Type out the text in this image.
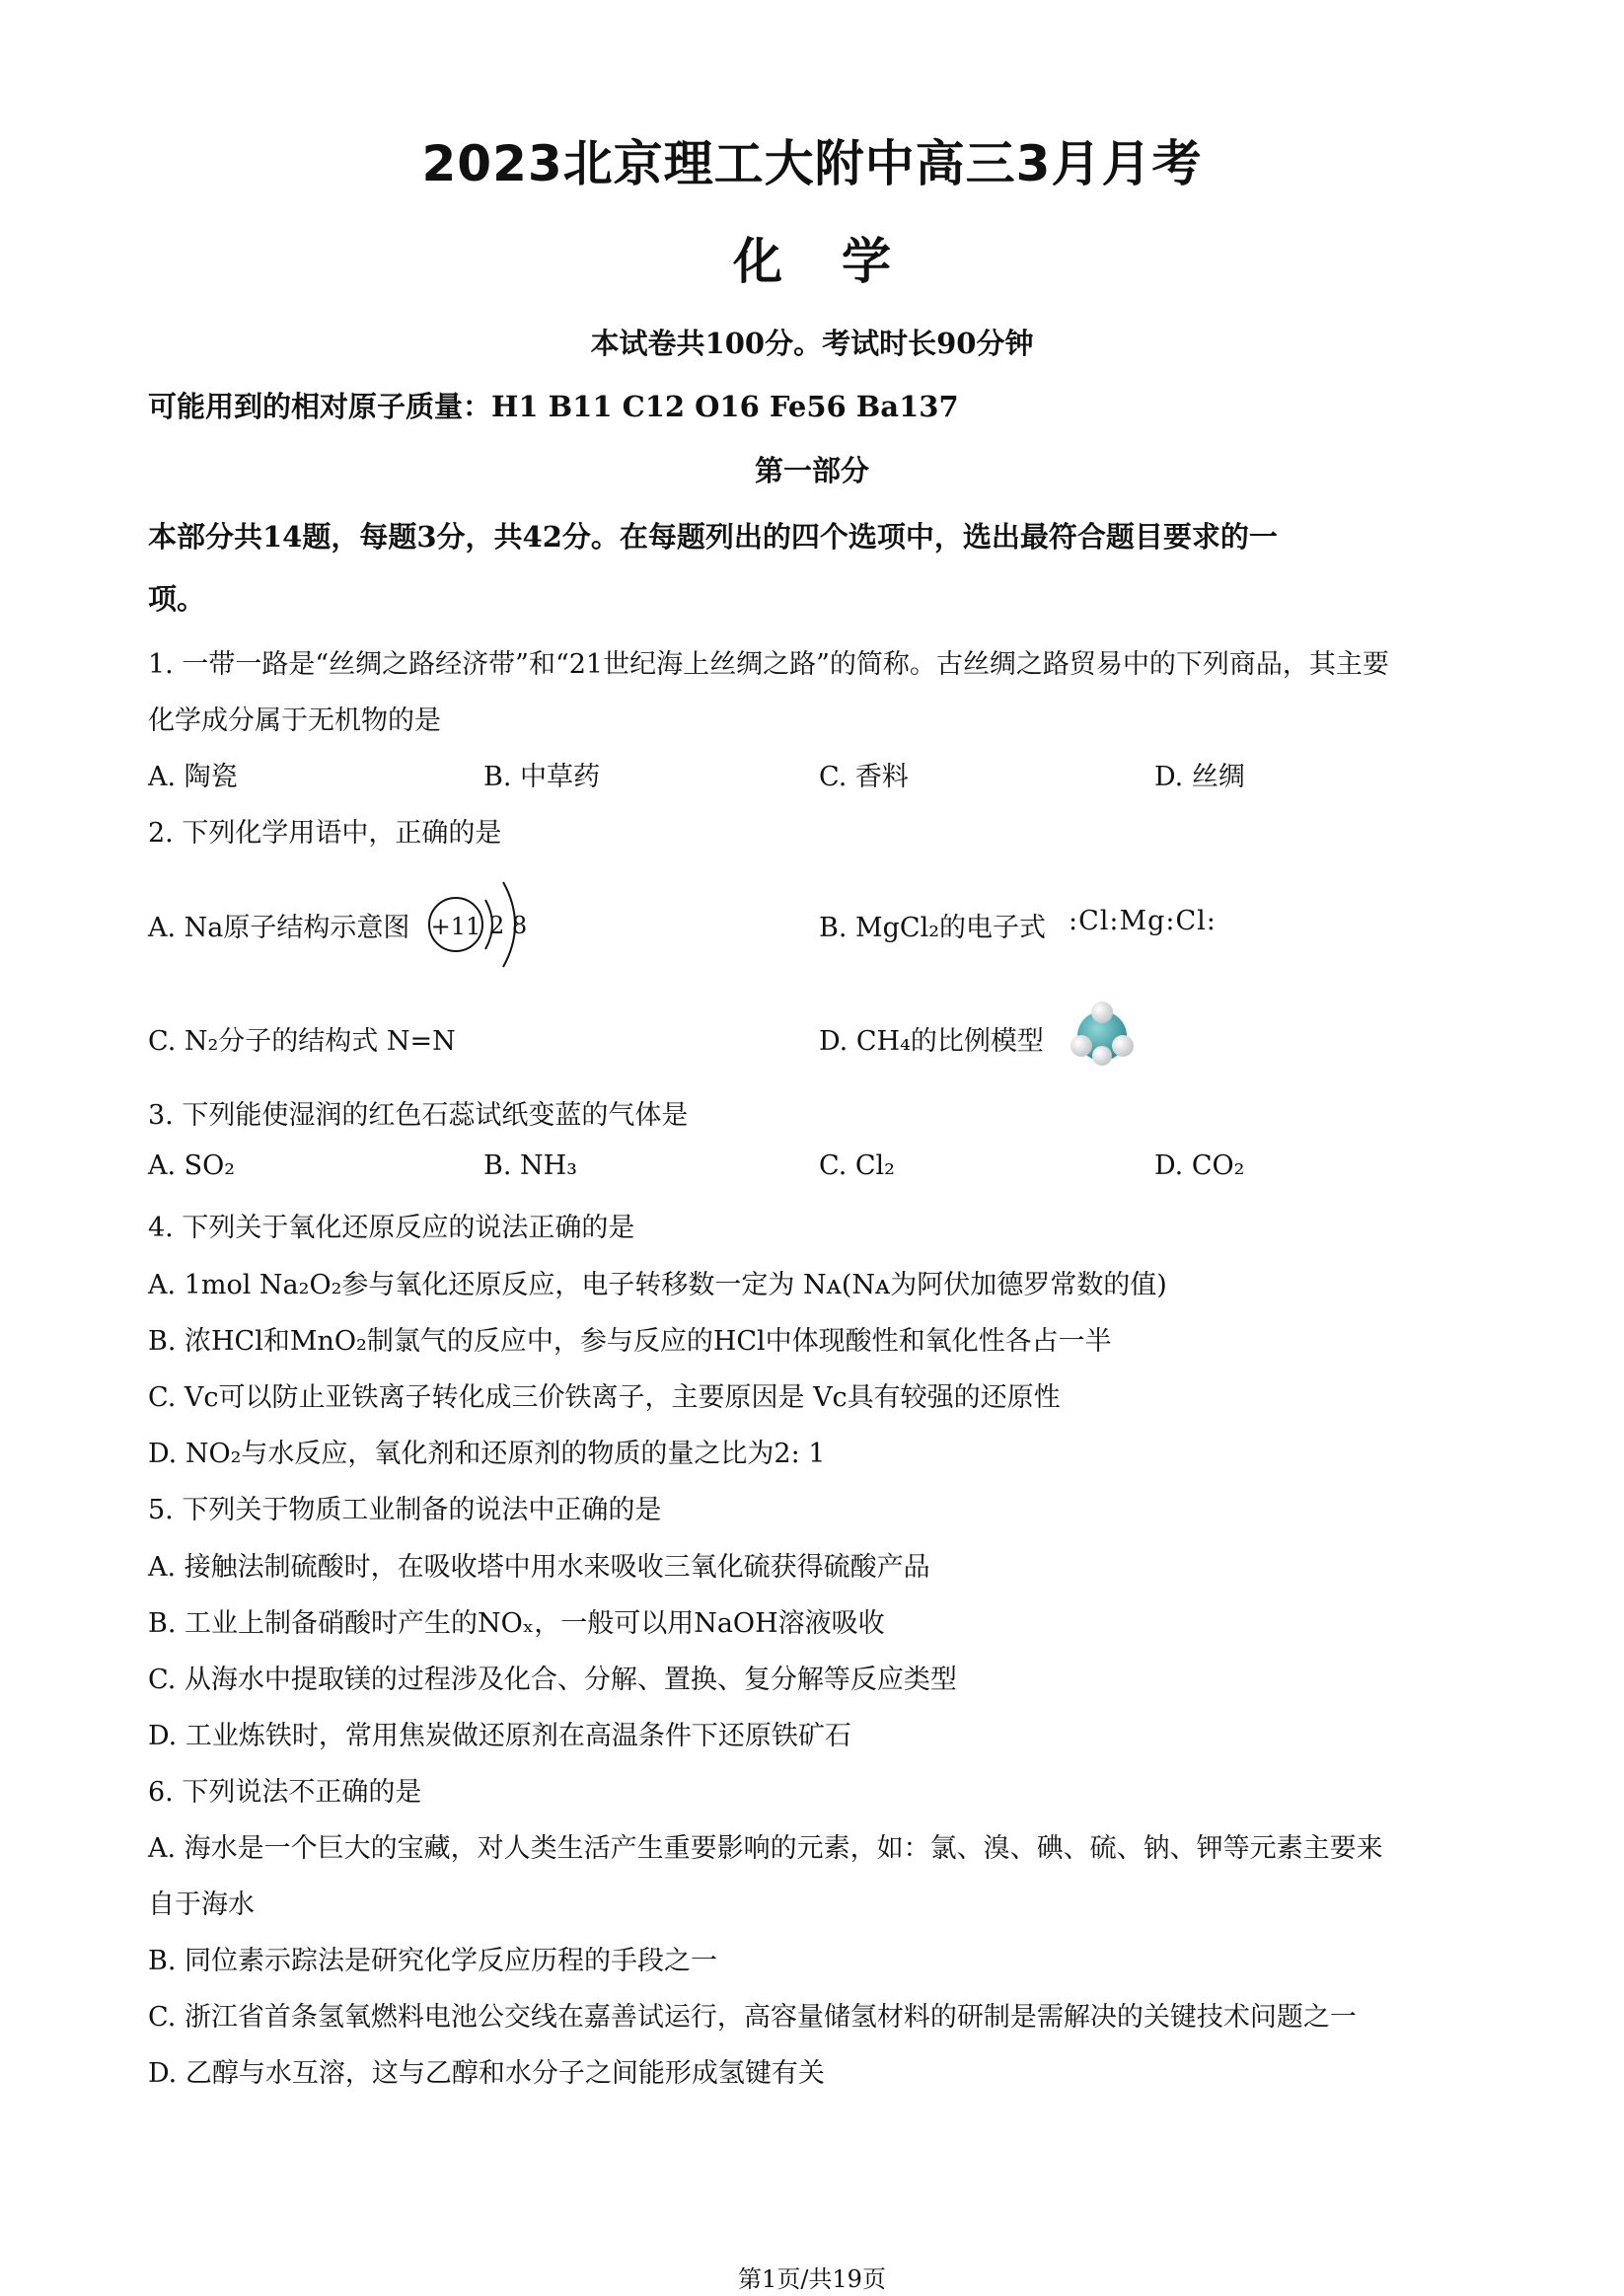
2023北京理工大附中高三3月月考
化学
本试卷共100分。考试时长90分钟
可能用到的相对原子质量：H1 B11 C12 O16 Fe56 Ba137
第一部分
本部分共14题，每题3分，共42分。在每题列出的四个选项中，选出最符合题目要求的一
项。
1. 一带一路是“丝绸之路经济带”和“21世纪海上丝绸之路”的简称。古丝绸之路贸易中的下列商品，其主要
化学成分属于无机物的是
A. 陶瓷	B. 中草药	C. 香料	D. 丝绸
2. 下列化学用语中，正确的是
A. Na原子结构示意图 +11 2 8	B. MgCl₂的电子式 :Cl:Mg:Cl:
C. N₂分子的结构式 N=N	D. CH₄的比例模型
3. 下列能使湿润的红色石蕊试纸变蓝的气体是
A. SO₂	B. NH₃	C. Cl₂	D. CO₂
4. 下列关于氧化还原反应的说法正确的是
A. 1mol Na₂O₂参与氧化还原反应，电子转移数一定为 Nᴀ(Nᴀ为阿伏加德罗常数的值)
B. 浓HCl和MnO₂制氯气的反应中，参与反应的HCl中体现酸性和氧化性各占一半
C. Vc可以防止亚铁离子转化成三价铁离子，主要原因是 Vc具有较强的还原性
D. NO₂与水反应，氧化剂和还原剂的物质的量之比为2: 1
5. 下列关于物质工业制备的说法中正确的是
A. 接触法制硫酸时，在吸收塔中用水来吸收三氧化硫获得硫酸产品
B. 工业上制备硝酸时产生的NOₓ，一般可以用NaOH溶液吸收
C. 从海水中提取镁的过程涉及化合、分解、置换、复分解等反应类型
D. 工业炼铁时，常用焦炭做还原剂在高温条件下还原铁矿石
6. 下列说法不正确的是
A. 海水是一个巨大的宝藏，对人类生活产生重要影响的元素，如：氯、溴、碘、硫、钠、钾等元素主要来
自于海水
B. 同位素示踪法是研究化学反应历程的手段之一
C. 浙江省首条氢氧燃料电池公交线在嘉善试运行，高容量储氢材料的研制是需解决的关键技术问题之一
D. 乙醇与水互溶，这与乙醇和水分子之间能形成氢键有关
第1页/共19页
